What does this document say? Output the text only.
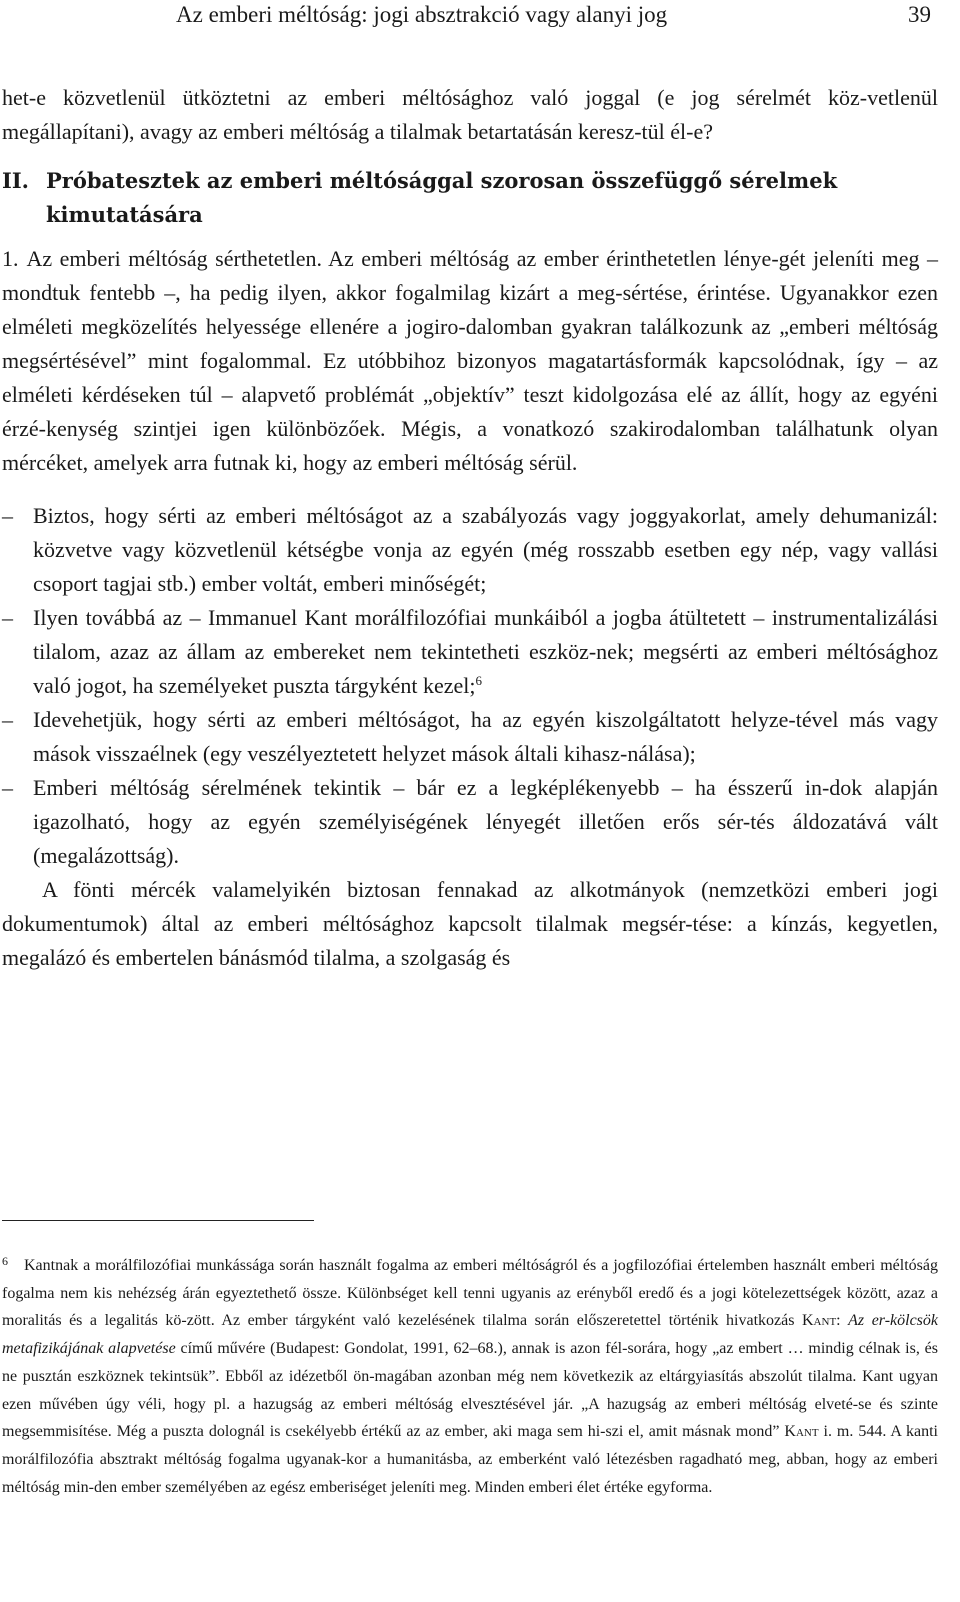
Az emberi méltóság: jogi absztrakció vagy alanyi jog	39

het-e közvetlenül ütköztetni az emberi méltósághoz való joggal (e jog sérelmét köz-vetlenül megállapítani), avagy az emberi méltóság a tilalmak betartatásán keresz-tül él-e?

II. Próbatesztek az emberi méltósággal szorosan összefüggő sérelmek kimutatására

1. Az emberi méltóság sérthetetlen. Az emberi méltóság az ember érinthetetlen lénye-gét jeleníti meg – mondtuk fentebb –, ha pedig ilyen, akkor fogalmilag kizárt a meg-sértése, érintése. Ugyanakkor ezen elméleti megközelítés helyessége ellenére a jogiro-dalomban gyakran találkozunk az „emberi méltóság megsértésével” mint fogalommal. Ez utóbbihoz bizonyos magatartásformák kapcsolódnak, így – az elméleti kérdéseken túl – alapvető problémát „objektív” teszt kidolgozása elé az állít, hogy az egyéni érzé-kenység szintjei igen különbözőek. Mégis, a vonatkozó szakirodalomban találhatunk olyan mércéket, amelyek arra futnak ki, hogy az emberi méltóság sérül.

– Biztos, hogy sérti az emberi méltóságot az a szabályozás vagy joggyakorlat, amely dehumanizál: közvetve vagy közvetlenül kétségbe vonja az egyén (még rosszabb esetben egy nép, vagy vallási csoport tagjai stb.) ember voltát, emberi minőségét;
– Ilyen továbbá az – Immanuel Kant morálfilozófiai munkáiból a jogba átültetett – instrumentalizálási tilalom, azaz az állam az embereket nem tekintetheti eszköz-nek; megsérti az emberi méltósághoz való jogot, ha személyeket puszta tárgyként kezel;$^6$
– Idevehetjük, hogy sérti az emberi méltóságot, ha az egyén kiszolgáltatott helyze-tével más vagy mások visszaélnek (egy veszélyeztetett helyzet mások általi kihasz-nálása);
– Emberi méltóság sérelmének tekintik – bár ez a legképlékenyebb – ha ésszerű in-dok alapján igazolható, hogy az egyén személyiségének lényegét illetően erős sér-tés áldozatává vált (megalázottság).

A fönti mércék valamelyikén biztosan fennakad az alkotmányok (nemzetközi emberi jogi dokumentumok) által az emberi méltósághoz kapcsolt tilalmak megsér-tése: a kínzás, kegyetlen, megalázó és embertelen bánásmód tilalma, a szolgaság és

6 Kantnak a morálfilozófiai munkássága során használt fogalma az emberi méltóságról és a jogfilozófiai értelemben használt emberi méltóság fogalma nem kis nehézség árán egyeztethető össze. Különbséget kell tenni ugyanis az erényből eredő és a jogi kötelezettségek között, azaz a moralitás és a legalitás kö-zött. Az ember tárgyként való kezelésének tilalma során előszeretettel történik hivatkozás Kant: Az er-kölcsök metafizikájának alapvetése című művére (Budapest: Gondolat, 1991, 62–68.), annak is azon fél-sorára, hogy „az embert … mindig célnak is, és ne pusztán eszköznek tekintsük”. Ebből az idézetből ön-magában azonban még nem következik az eltárgyiasítás abszolút tilalma. Kant ugyan ezen művében úgy véli, hogy pl. a hazugság az emberi méltóság elvesztésével jár. „A hazugság az emberi méltóság elveté-se és szinte megsemmisítése. Még a puszta dolognál is csekélyebb értékű az az ember, aki maga sem hi-szi el, amit másnak mond” Kant i. m. 544. A kanti morálfilozófia absztrakt méltóság fogalma ugyanak-kor a humanitásba, az emberként való létezésben ragadható meg, abban, hogy az emberi méltóság min-den ember személyében az egész emberiséget jeleníti meg. Minden emberi élet értéke egyforma.
